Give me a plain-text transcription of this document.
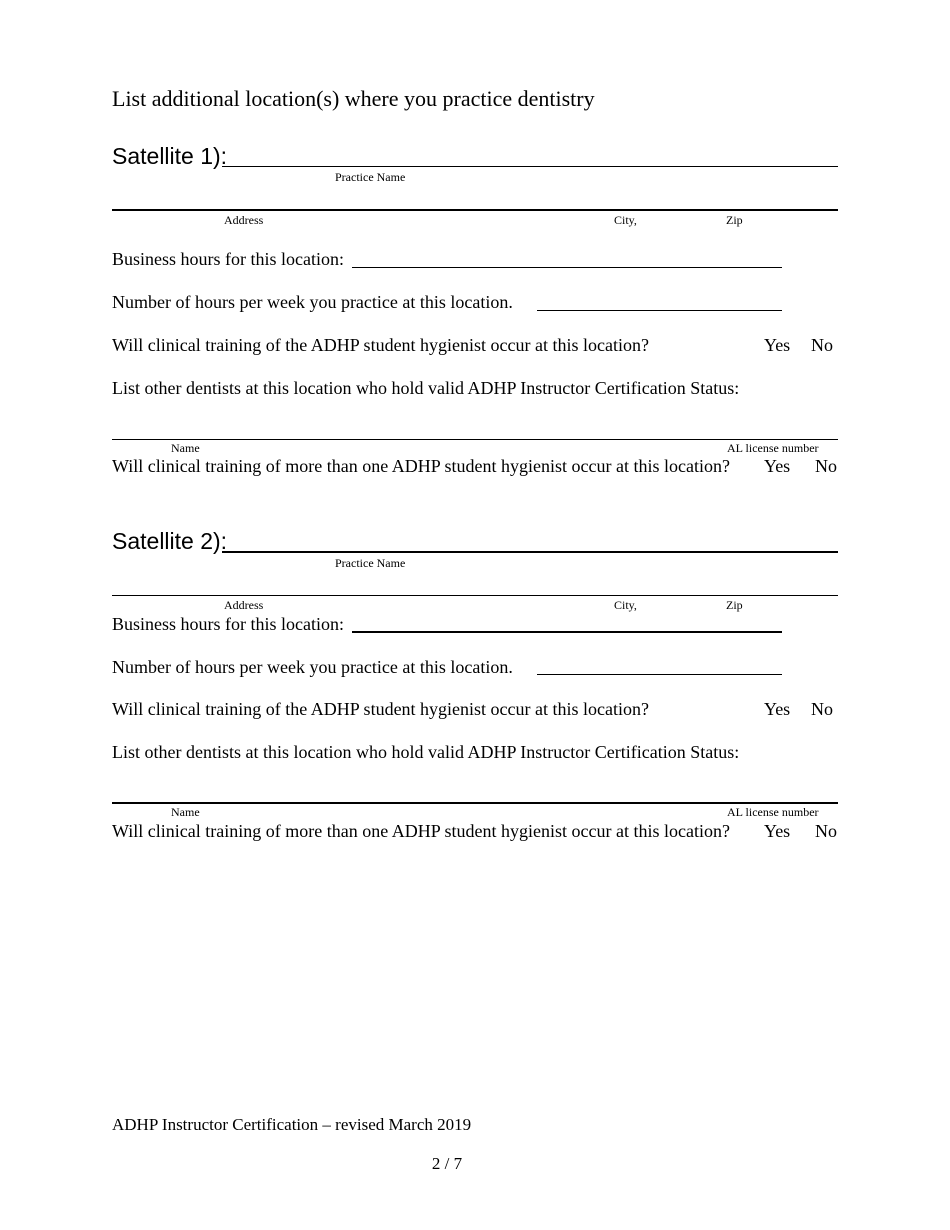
List additional location(s) where you practice dentistry
Satellite 1):
Practice Name
Address	City,	Zip
Business hours for this location:
Number of hours per week you practice at this location.
Will clinical training of the ADHP student hygienist occur at this location?	Yes No
List other dentists at this location who hold valid ADHP Instructor Certification Status:
Name	AL license number
Will clinical training of more than one ADHP student hygienist occur at this location? Yes No
Satellite 2):
Practice Name
Address	City,	Zip
Business hours for this location:
Number of hours per week you practice at this location.
Will clinical training of the ADHP student hygienist occur at this location?	Yes No
List other dentists at this location who hold valid ADHP Instructor Certification Status:
Name	AL license number
Will clinical training of more than one ADHP student hygienist occur at this location? Yes No
ADHP Instructor Certification – revised March 2019
2 / 7
